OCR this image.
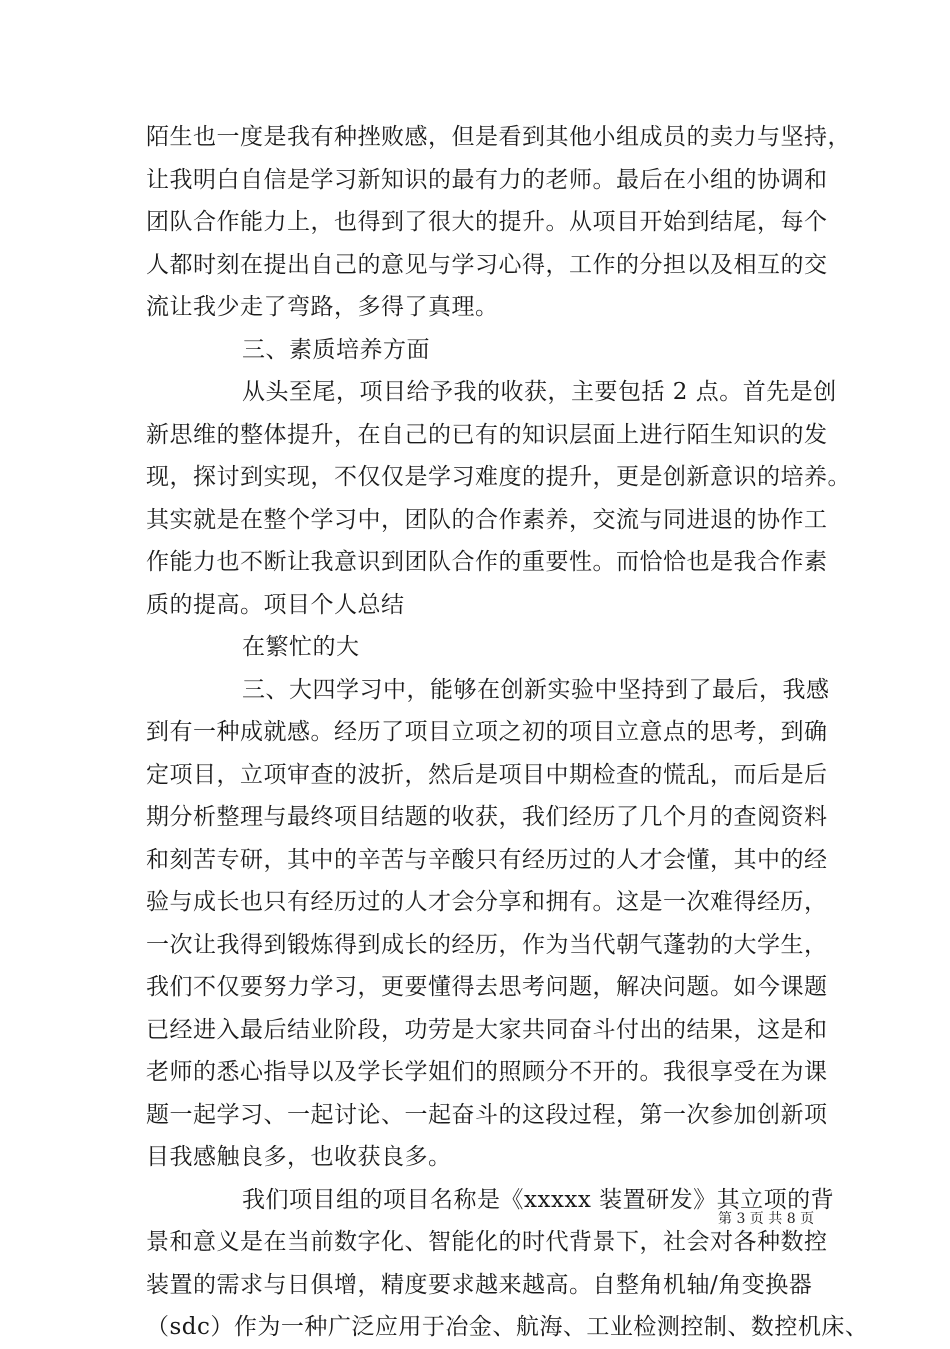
陌生也一度是我有种挫败感，但是看到其他小组成员的卖力与坚持，
让我明白自信是学习新知识的最有力的老师。最后在小组的协调和
团队合作能力上，也得到了很大的提升。从项目开始到结尾，每个
人都时刻在提出自己的意见与学习心得，工作的分担以及相互的交
流让我少走了弯路，多得了真理。
三、素质培养方面
从头至尾，项目给予我的收获，主要包括 2 点。首先是创
新思维的整体提升，在自己的已有的知识层面上进行陌生知识的发
现，探讨到实现，不仅仅是学习难度的提升，更是创新意识的培养。
其实就是在整个学习中，团队的合作素养，交流与同进退的协作工
作能力也不断让我意识到团队合作的重要性。而恰恰也是我合作素
质的提高。项目个人总结
在繁忙的大
三、大四学习中，能够在创新实验中坚持到了最后，我感
到有一种成就感。经历了项目立项之初的项目立意点的思考，到确
定项目，立项审查的波折，然后是项目中期检查的慌乱，而后是后
期分析整理与最终项目结题的收获，我们经历了几个月的查阅资料
和刻苦专研，其中的辛苦与辛酸只有经历过的人才会懂，其中的经
验与成长也只有经历过的人才会分享和拥有。这是一次难得经历，
一次让我得到锻炼得到成长的经历，作为当代朝气蓬勃的大学生，
我们不仅要努力学习，更要懂得去思考问题，解决问题。如今课题
已经进入最后结业阶段，功劳是大家共同奋斗付出的结果，这是和
老师的悉心指导以及学长学姐们的照顾分不开的。我很享受在为课
题一起学习、一起讨论、一起奋斗的这段过程，第一次参加创新项
目我感触良多，也收获良多。
我们项目组的项目名称是《xxxxx 装置研发》其立项的背
景和意义是在当前数字化、智能化的时代背景下，社会对各种数控
装置的需求与日俱增，精度要求越来越高。自整角机轴/角变换器
（sdc）作为一种广泛应用于冶金、航海、工业检测控制、数控机床、
第 3 页 共 8 页
